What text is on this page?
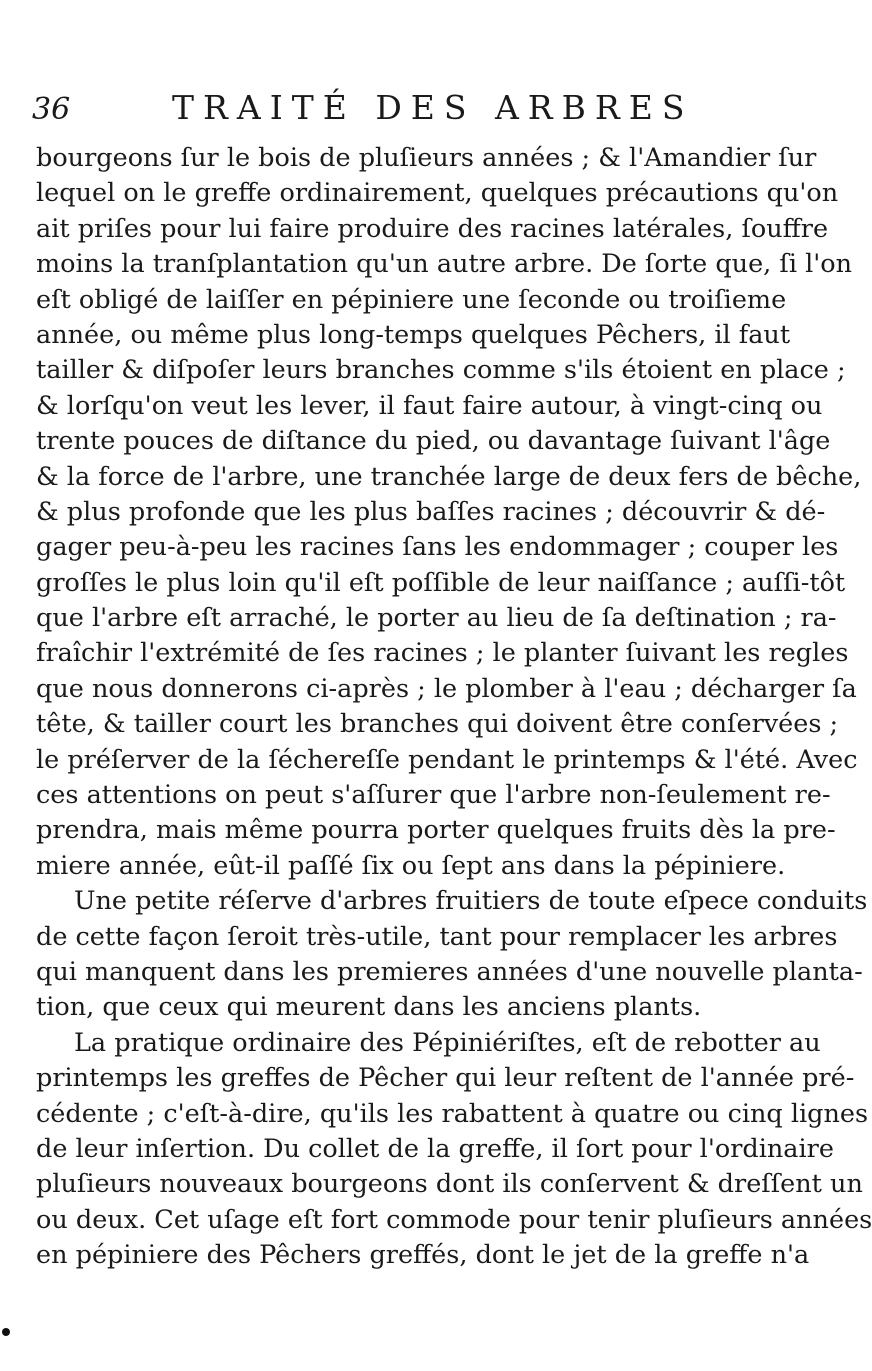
36	TRAITÉ DES ARBRES
bourgeons ſur le bois de pluſieurs années ; & l'Amandier ſur
lequel on le greffe ordinairement, quelques précautions qu'on
ait priſes pour lui faire produire des racines latérales, ſouffre
moins la tranſplantation qu'un autre arbre. De ſorte que, ſi l'on
eſt obligé de laiſſer en pépiniere une ſeconde ou troiſieme
année, ou même plus long-temps quelques Pêchers, il faut
tailler & diſpoſer leurs branches comme s'ils étoient en place ;
& lorſqu'on veut les lever, il faut faire autour, à vingt-cinq ou
trente pouces de diſtance du pied, ou davantage ſuivant l'âge
& la force de l'arbre, une tranchée large de deux fers de bêche,
& plus profonde que les plus baſſes racines ; découvrir & dé-
gager peu-à-peu les racines ſans les endommager ; couper les
groſſes le plus loin qu'il eſt poſſible de leur naiſſance ; auſſi-tôt
que l'arbre eſt arraché, le porter au lieu de ſa deſtination ; ra-
fraîchir l'extrémité de ſes racines ; le planter ſuivant les regles
que nous donnerons ci-après ; le plomber à l'eau ; décharger ſa
tête, & tailler court les branches qui doivent être conſervées ;
le préſerver de la ſéchereſſe pendant le printemps & l'été. Avec
ces attentions on peut s'aſſurer que l'arbre non-ſeulement re-
prendra, mais même pourra porter quelques fruits dès la pre-
miere année, eût-il paſſé ſix ou ſept ans dans la pépiniere.
Une petite réſerve d'arbres fruitiers de toute eſpece conduits
de cette façon ſeroit très-utile, tant pour remplacer les arbres
qui manquent dans les premieres années d'une nouvelle planta-
tion, que ceux qui meurent dans les anciens plants.
La pratique ordinaire des Pépiniériſtes, eſt de rebotter au
printemps les greffes de Pêcher qui leur reſtent de l'année pré-
cédente ; c'eſt-à-dire, qu'ils les rabattent à quatre ou cinq lignes
de leur inſertion. Du collet de la greffe, il ſort pour l'ordinaire
pluſieurs nouveaux bourgeons dont ils conſervent & dreſſent un
ou deux. Cet uſage eſt fort commode pour tenir pluſieurs années
en pépiniere des Pêchers greffés, dont le jet de la greffe n'a
